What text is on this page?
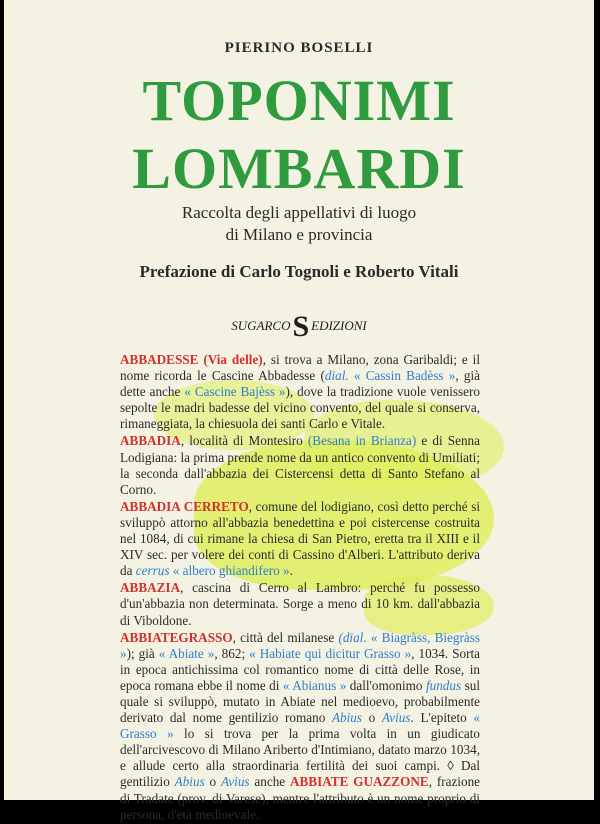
PIERINO BOSELLI
TOPONIMI
LOMBARDI
Raccolta degli appellativi di luogo
di Milano e provincia
Prefazione di Carlo Tognoli e Roberto Vitali
SUGARCOS EDIZIONI
ABBADESSE (Via delle), si trova a Milano, zona Garibaldi; e il nome ricorda le Cascine Abbadesse (dial. « Cassin Badèss », già dette anche « Cascine Bajèss »), dove la tradizione vuole venissero sepolte le madri badesse del vicino convento, del quale si conserva, rimaneggiata, la chiesuola dei santi Carlo e Vitale.
ABBADIA, località di Montesiro (Besana in Brianza) e di Senna Lodigiana: la prima prende nome da un antico convento di Umiliati; la seconda dall'abbazia dei Cistercensi detta di Santo Stefano al Corno.
ABBADIA CERRETO, comune del lodigiano, così detto perché si sviluppò attorno all'abbazia benedettina e poi cistercense costruita nel 1084, di cui rimane la chiesa di San Pietro, eretta tra il XIII e il XIV sec. per volere dei conti di Cassino d'Alberi. L'attributo deriva da cerrus « albero ghiandifero ».
ABBAZIA, cascina di Cerro al Lambro: perché fu possesso d'un'abbazia non determinata. Sorge a meno di 10 km. dall'abbazia di Viboldone.
ABBIATEGRASSO, città del milanese (dial. « Biagràss, Biegràss »); già « Abiate », 862; « Habiate qui dicitur Grasso », 1034. Sorta in epoca antichissima col romantico nome di città delle Rose, in epoca romana ebbe il nome di « Abianus » dall'omonimo fundus sul quale si sviluppò, mutato in Abiate nel medioevo, probabilmente derivato dal nome gentilizio romano Abius o Avius. L'epiteto « Grasso » lo si trova per la prima volta in un giudicato dell'arcivescovo di Milano Ariberto d'Intimiano, datato marzo 1034, e allude certo alla straordinaria fertilità dei suoi campi. ◊ Dal gentilizio Abius o Avius anche ABBIATE GUAZZONE, frazione di Tradate (prov. di Varese), mentre l'attributo è un nome proprio di persona, d'età medioevale.
